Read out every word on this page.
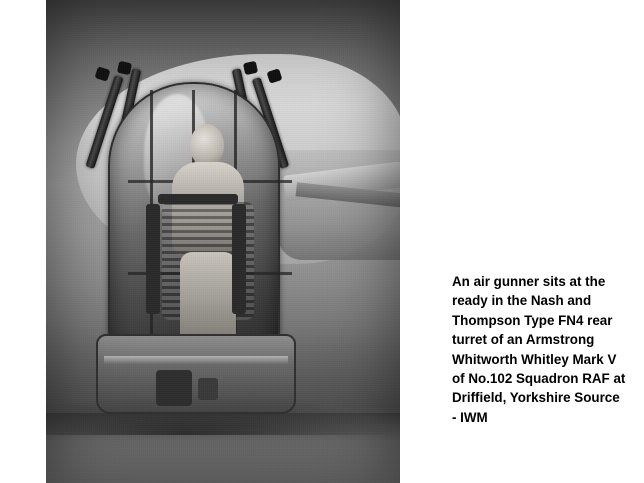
An air gunner sits at the ready in the Nash and Thompson Type FN4 rear turret of an Armstrong Whitworth Whitley Mark V of No.102 Squadron RAF at Driffield, Yorkshire Source - IWM
